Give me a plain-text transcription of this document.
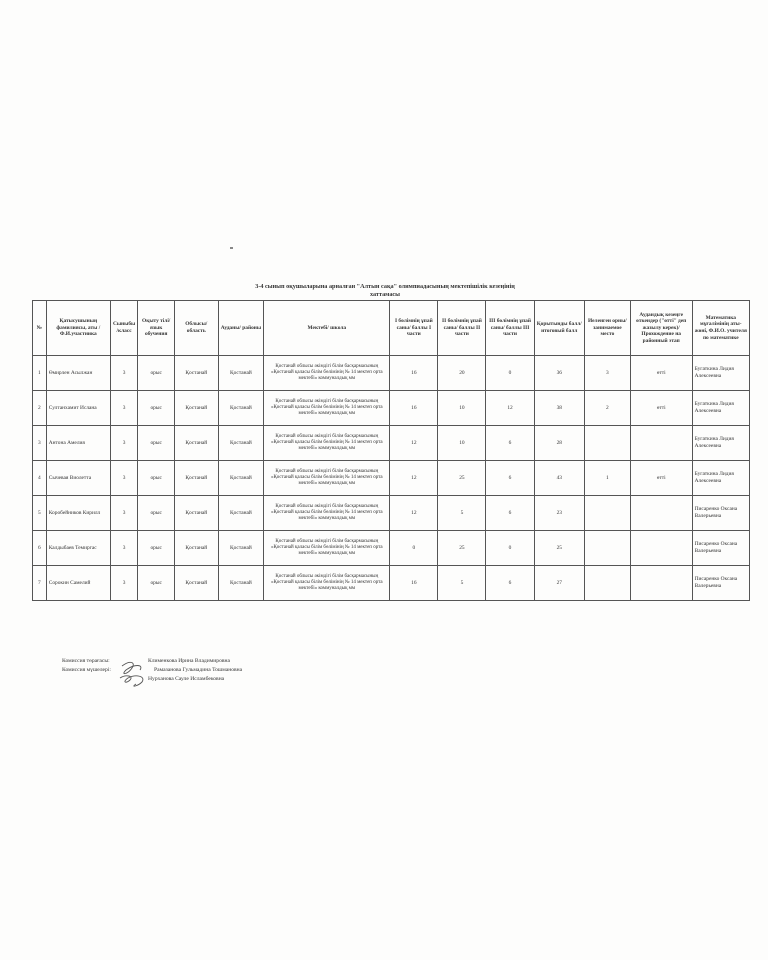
3-4 сынып оқушыларына арналған "Алтын сақа" олимпиадасының мектепішілік кезеңінің
хаттамасы
№	Қатысушының фамилиясы, аты /Ф.И.участника	Сыныбы/класс	Оқыту тілі/ язык обучения	Облысы/ область	Ауданы/ районы	Мектебі/ школа	I бөлімнің ұпай саны/ баллы I части	II бөлімнің ұпай саны/ баллы II части	III бөлімнің ұпай саны/ баллы III части	Қорытынды балл/ итоговый балл	Иеленген орны/ занимаемое место	Аудандық кезеңге өткендер ("өтті" деп жазылу керек)/ Прохождение на районный этап	Математика мұғалімінің аты-жөні, Ф.И.О. учителя по математике
1	Өмирлен Асылжан	3	орыс	Қостанай	Қостанай	Қостанай облысы әкімдігі білім басқармасының «Қостанай қаласы білім бөлімінің № 14 мектеп орта мектебі» коммуналдық мм	16	20	0	36	3	өтті	Бугаткина Лидия Алексеевна
2	Султанхамит Ислана	3	орыс	Қостанай	Қостанай	Қостанай облысы әкімдігі білім басқармасының «Қостанай қаласы білім бөлімінің № 14 мектеп орта мектебі» коммуналдық мм	16	10	12	38	2	өтті	Бугаткина Лидия Алексеевна
3	Антона Амелия	3	орыс	Қостанай	Қостанай	Қостанай облысы әкімдігі білім басқармасының «Қостанай қаласы білім бөлімінің № 14 мектеп орта мектебі» коммуналдық мм	12	10	6	28			Бугаткина Лидия Алексеевна
4	Сычевая Виолетта	3	орыс	Қостанай	Қостанай	Қостанай облысы әкімдігі білім басқармасының «Қостанай қаласы білім бөлімінің № 14 мектеп орта мектебі» коммуналдық мм	12	25	6	43	1	өтті	Бугаткина Лидия Алексеевна
5	Коробейников Кирилл	3	орыс	Қостанай	Қостанай	Қостанай облысы әкімдігі білім басқармасының «Қостанай қаласы білім бөлімінің № 14 мектеп орта мектебі» коммуналдық мм	12	5	6	23			Писаренко Оксана Валерьевна
6	Калдыбаев Темиргас	3	орыс	Қостанай	Қостанай	Қостанай облысы әкімдігі білім басқармасының «Қостанай қаласы білім бөлімінің № 14 мектеп орта мектебі» коммуналдық мм	0	25	0	25			Писаренко Оксана Валерьевна
7	Сорокин Самелий	3	орыс	Қостанай	Қостанай	Қостанай облысы әкімдігі білім басқармасының «Қостанай қаласы білім бөлімінің № 14 мектеп орта мектебі» коммуналдық мм	16	5	6	27			Писаренко Оксана Валерьевна
Комиссия төрағасы:	Клименкова Ирина Владимировна
Комиссия мүшелері:	Рамазанова Гульмадина Тошмановна
Нурханова Сауле Исламбековна
